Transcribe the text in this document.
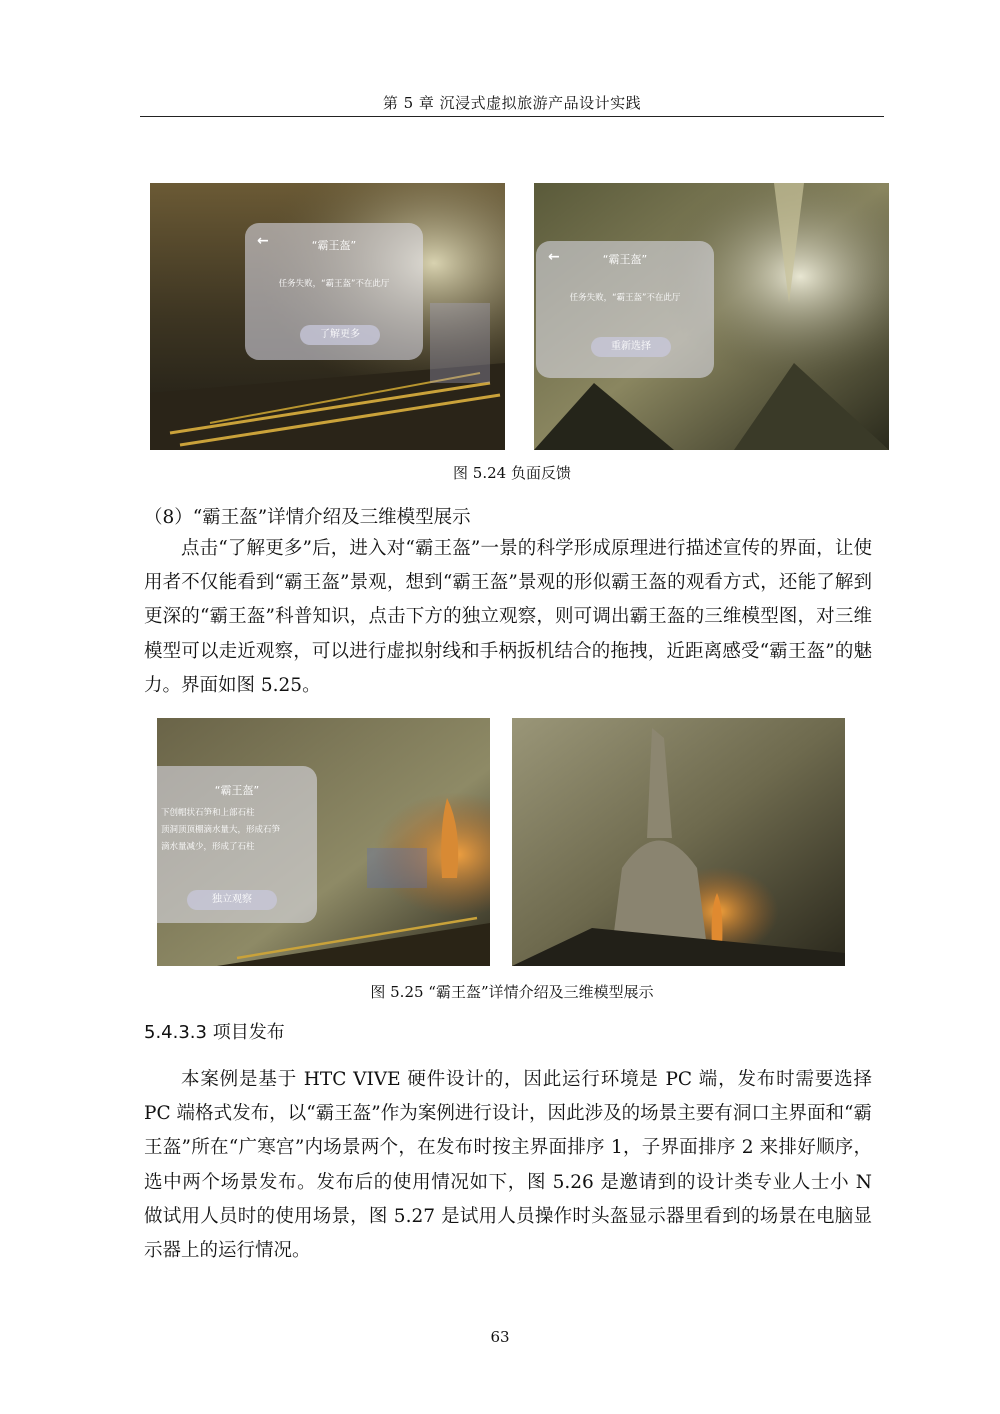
第 5 章 沉浸式虚拟旅游产品设计实践
←	“霸王盔”
任务失败，“霸王盔”不在此厅
了解更多
←	“霸王盔”
任务失败，“霸王盔”不在此厅
重新选择
图 5.24 负面反馈
（8）“霸王盔”详情介绍及三维模型展示

点击“了解更多”后，进入对“霸王盔”一景的科学形成原理进行描述宣传的界面，让使用者不仅能看到“霸王盔”景观，想到“霸王盔”景观的形似霸王盔的观看方式，还能了解到更深的“霸王盔”科普知识，点击下方的独立观察，则可调出霸王盔的三维模型图，对三维模型可以走近观察，可以进行虚拟射线和手柄扳机结合的拖拽，近距离感受“霸王盔”的魅力。界面如图 5.25。

“霸王盔”
下创帽状石笋和上部石柱
顶洞顶顶棚滴水量大，形成石笋
滴水量减少，形成了石柱
独立观察
图 5.25 “霸王盔”详情介绍及三维模型展示
5.4.3.3 项目发布

本案例是基于 HTC VIVE 硬件设计的，因此运行环境是 PC 端，发布时需要选择 PC 端格式发布，以“霸王盔”作为案例进行设计，因此涉及的场景主要有洞口主界面和“霸王盔”所在“广寒宫”内场景两个，在发布时按主界面排序 1，子界面排序 2 来排好顺序，选中两个场景发布。发布后的使用情况如下，图 5.26 是邀请到的设计类专业人士小 N 做试用人员时的使用场景，图 5.27 是试用人员操作时头盔显示器里看到的场景在电脑显示器上的运行情况。

63
